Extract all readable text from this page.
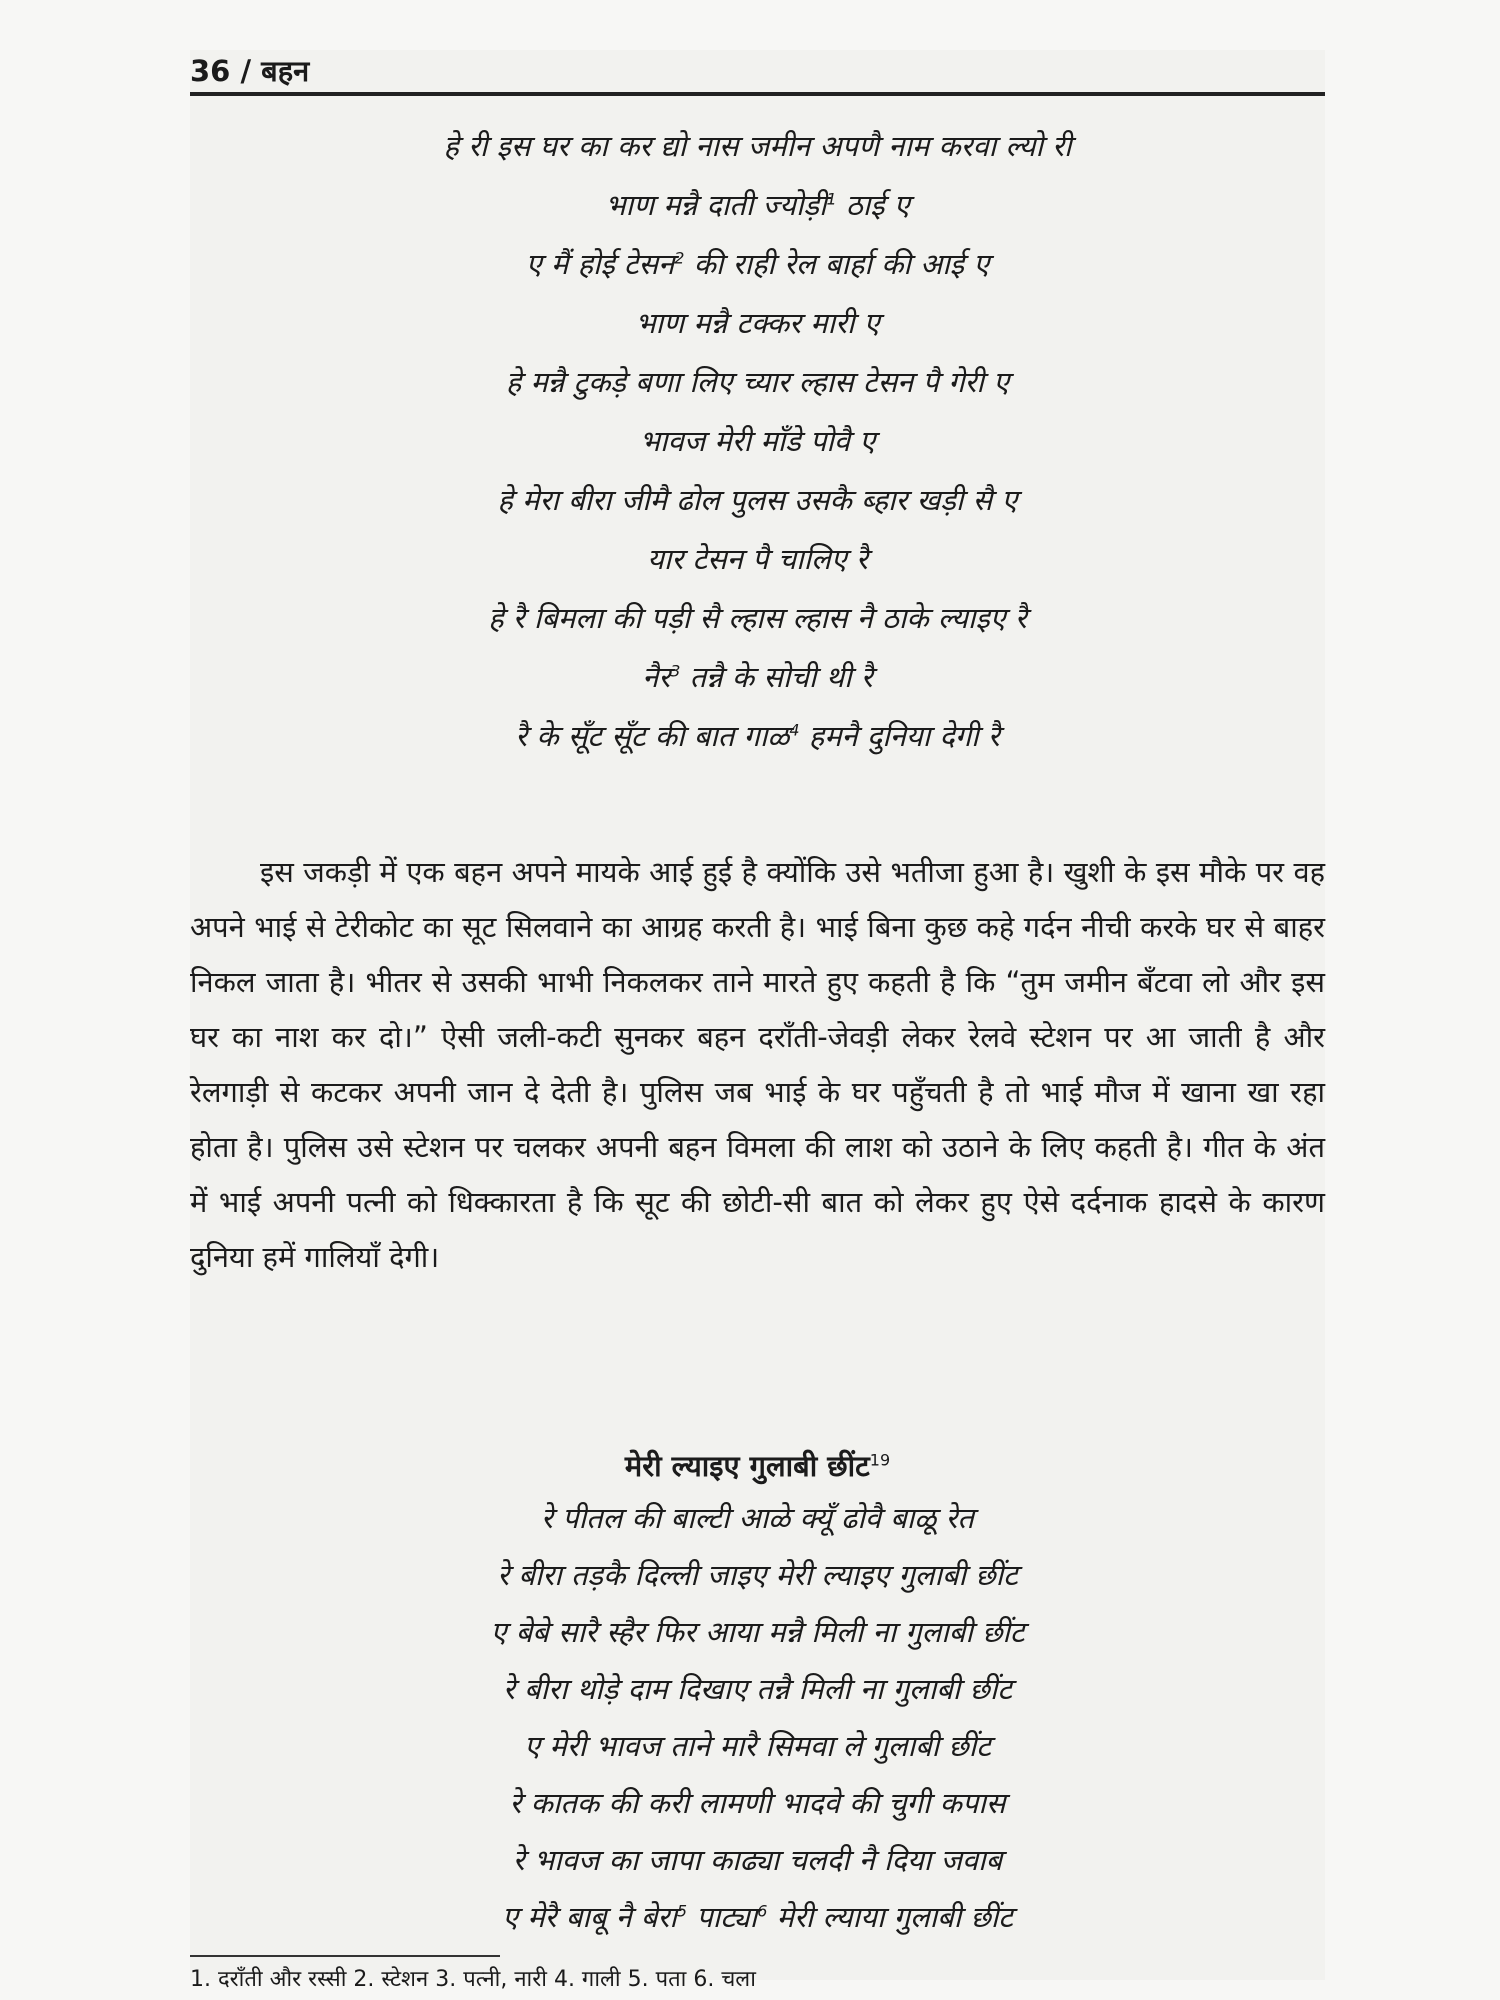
36 / बहन
हे री इस घर का कर द्यो नास जमीन अपणै नाम करवा ल्यो री
भाण मन्नै दाती ज्योड़ी$^1$ ठाई ए
ए मैं होई टेसन$^2$ की राही रेल बार्हा की आई ए
भाण मन्नै टक्कर मारी ए
हे मन्नै टुकड़े बणा लिए च्यार ल्हास टेसन पै गेरी ए
भावज मेरी माँडे पोवै ए
हे मेरा बीरा जीमै ढोल पुलस उसकै ब्हार खड़ी सै ए
यार टेसन पै चालिए रै
हे रै बिमला की पड़ी सै ल्हास ल्हास नै ठाके ल्याइए रै
नैर$^3$ तन्नै के सोची थी रै
रै के सूँट सूँट की बात गाळ$^4$ हमनै दुनिया देगी रै

इस जकड़ी में एक बहन अपने मायके आई हुई है क्योंकि उसे भतीजा हुआ है। खुशी के इस मौके पर वह अपने भाई से टेरीकोट का सूट सिलवाने का आग्रह करती है। भाई बिना कुछ कहे गर्दन नीची करके घर से बाहर निकल जाता है। भीतर से उसकी भाभी निकलकर ताने मारते हुए कहती है कि “तुम जमीन बँटवा लो और इस घर का नाश कर दो।” ऐसी जली-कटी सुनकर बहन दराँती-जेवड़ी लेकर रेलवे स्टेशन पर आ जाती है और रेलगाड़ी से कटकर अपनी जान दे देती है। पुलिस जब भाई के घर पहुँचती है तो भाई मौज में खाना खा रहा होता है। पुलिस उसे स्टेशन पर चलकर अपनी बहन विमला की लाश को उठाने के लिए कहती है। गीत के अंत में भाई अपनी पत्नी को धिक्कारता है कि सूट की छोटी-सी बात को लेकर हुए ऐसे दर्दनाक हादसे के कारण दुनिया हमें गालियाँ देगी।

मेरी ल्याइए गुलाबी छींट$^{19}$
रे पीतल की बाल्टी आळे क्यूँ ढोवै बाळू रेत
रे बीरा तड़कै दिल्ली जाइए मेरी ल्याइए गुलाबी छींट
ए बेबे सारै स्हैर फिर आया मन्नै मिली ना गुलाबी छींट
रे बीरा थोड़े दाम दिखाए तन्नै मिली ना गुलाबी छींट
ए मेरी भावज ताने मारै सिमवा ले गुलाबी छींट
रे कातक की करी लामणी भादवे की चुगी कपास
रे भावज का जापा काढ्या चलदी नै दिया जवाब
ए मेरै बाबू नै बेरा$^5$ पाट्या$^6$ मेरी ल्याया गुलाबी छींट
1. दराँती और रस्सी 2. स्टेशन 3. पत्नी, नारी 4. गाली 5. पता 6. चला
